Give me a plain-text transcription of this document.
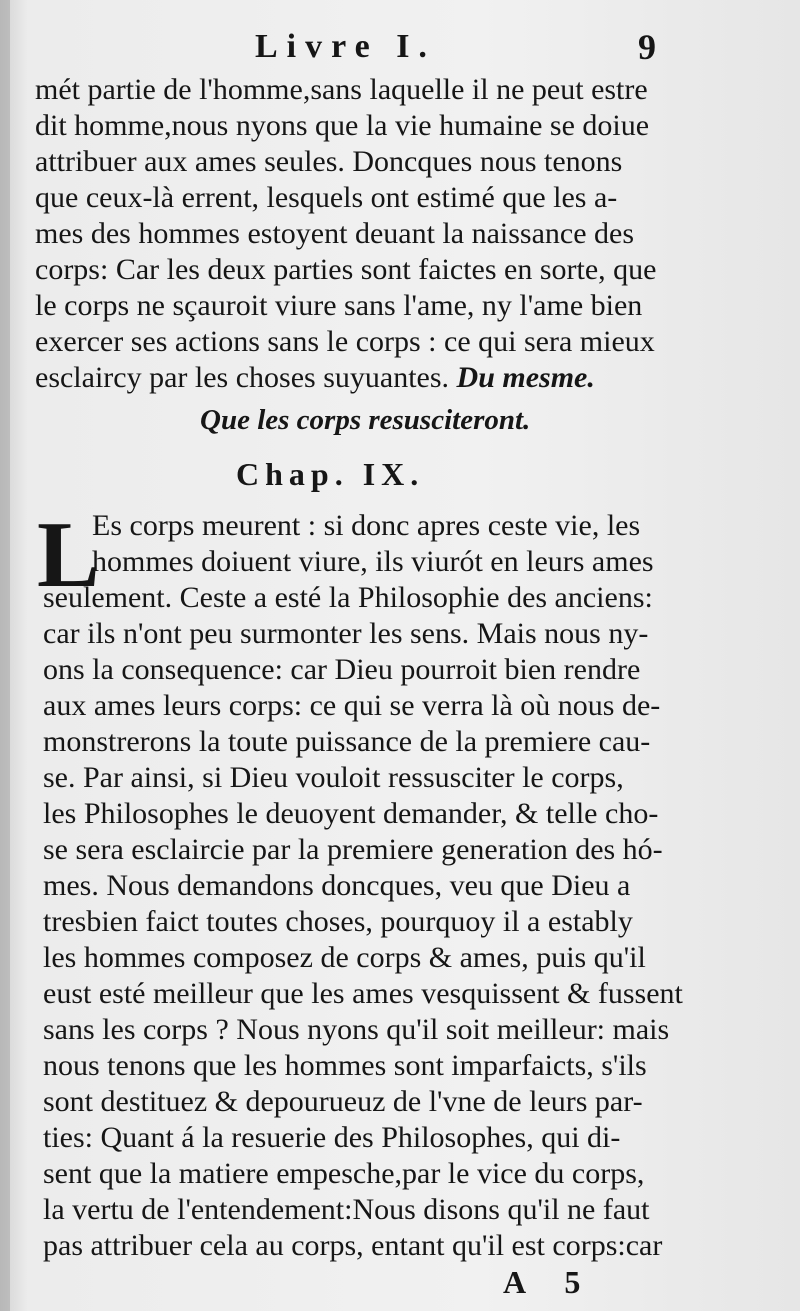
Livre I.	9
mét partie de l'homme,sans laquelle il ne peut estre
dit homme,nous nyons que la vie humaine se doiue
attribuer aux ames seules. Doncques nous tenons
que ceux-là errent, lesquels ont estimé que les a-
mes des hommes estoyent deuant la naissance des
corps: Car les deux parties sont faictes en sorte, que
le corps ne sçauroit viure sans l'ame, ny l'ame bien
exercer ses actions sans le corps : ce qui sera mieux
esclaircy par les choses suyuantes. Du mesme.
Que les corps resusciteront.
Chap. IX.
L
Es corps meurent : si donc apres ceste vie, les
hommes doiuent viure, ils viurót en leurs ames
seulement. Ceste a esté la Philosophie des anciens:
car ils n'ont peu surmonter les sens. Mais nous ny-
ons la consequence: car Dieu pourroit bien rendre
aux ames leurs corps: ce qui se verra là où nous de-
monstrerons la toute puissance de la premiere cau-
se. Par ainsi, si Dieu vouloit ressusciter le corps,
les Philosophes le deuoyent demander, & telle cho-
se sera esclaircie par la premiere generation des hó-
mes. Nous demandons doncques, veu que Dieu a
tresbien faict toutes choses, pourquoy il a estably
les hommes composez de corps & ames, puis qu'il
eust esté meilleur que les ames vesquissent & fussent
sans les corps ? Nous nyons qu'il soit meilleur: mais
nous tenons que les hommes sont imparfaicts, s'ils
sont destituez & depourueuz de l'vne de leurs par-
ties: Quant á la resuerie des Philosophes, qui di-
sent que la matiere empesche,par le vice du corps,
la vertu de l'entendement:Nous disons qu'il ne faut
pas attribuer cela au corps, entant qu'il est corps:car
A 5
